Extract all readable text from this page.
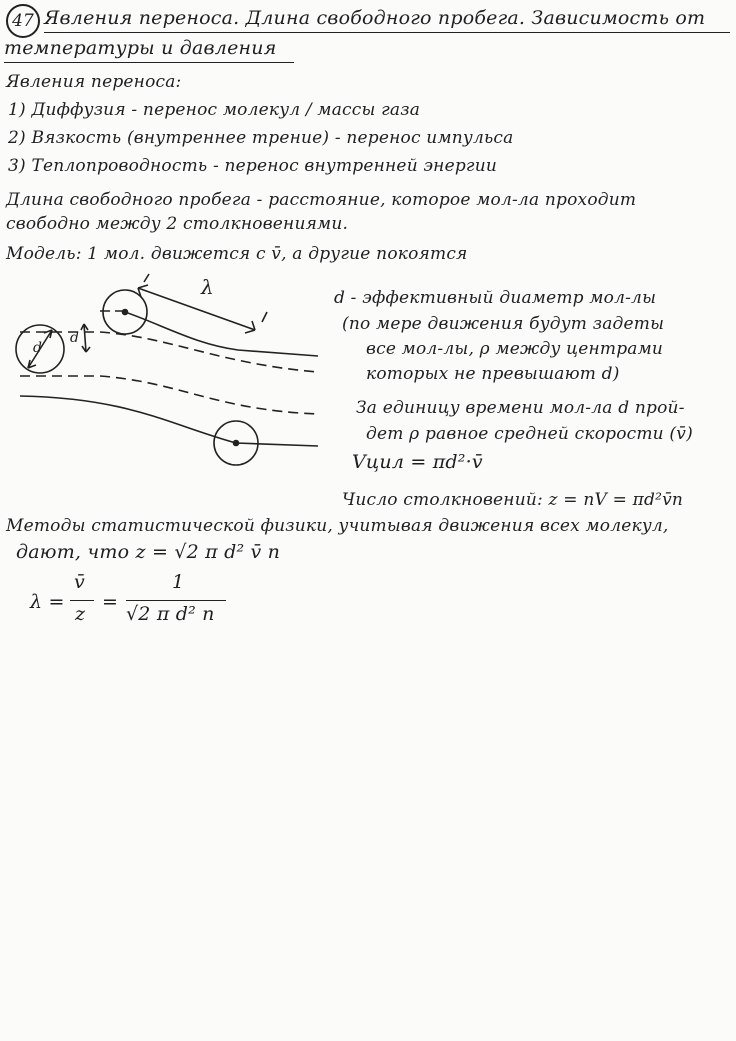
47 Явления переноса. Длина свободного пробега. Зависимость от
температуры и давления
Явления переноса:
1) Диффузия - перенос молекул / массы газа
2) Вязкость (внутреннее трение) - перенос импульса
3) Теплопроводность - перенос внутренней энергии
Длина свободного пробега - расстояние, которое мол-ла проходит
свободно между 2 столкновениями.
Модель: 1 мол. движется с v̄, а другие покоятся
λ
d
d
d - эффективный диаметр мол-лы
(по мере движения будут задеты
все мол-лы, ρ между центрами
которых не превышают d)
За единицу времени мол-ла d прой-
дет ρ равное средней скорости (v̄)
Vцил = πd²·v̄
Число столкновений: z = nV = πd²v̄n
Методы статистической физики, учитывая движения всех молекул,
дают, что z = √2 π d² v̄ n
λ =
v̄
z
=
1
√2 π d² n
